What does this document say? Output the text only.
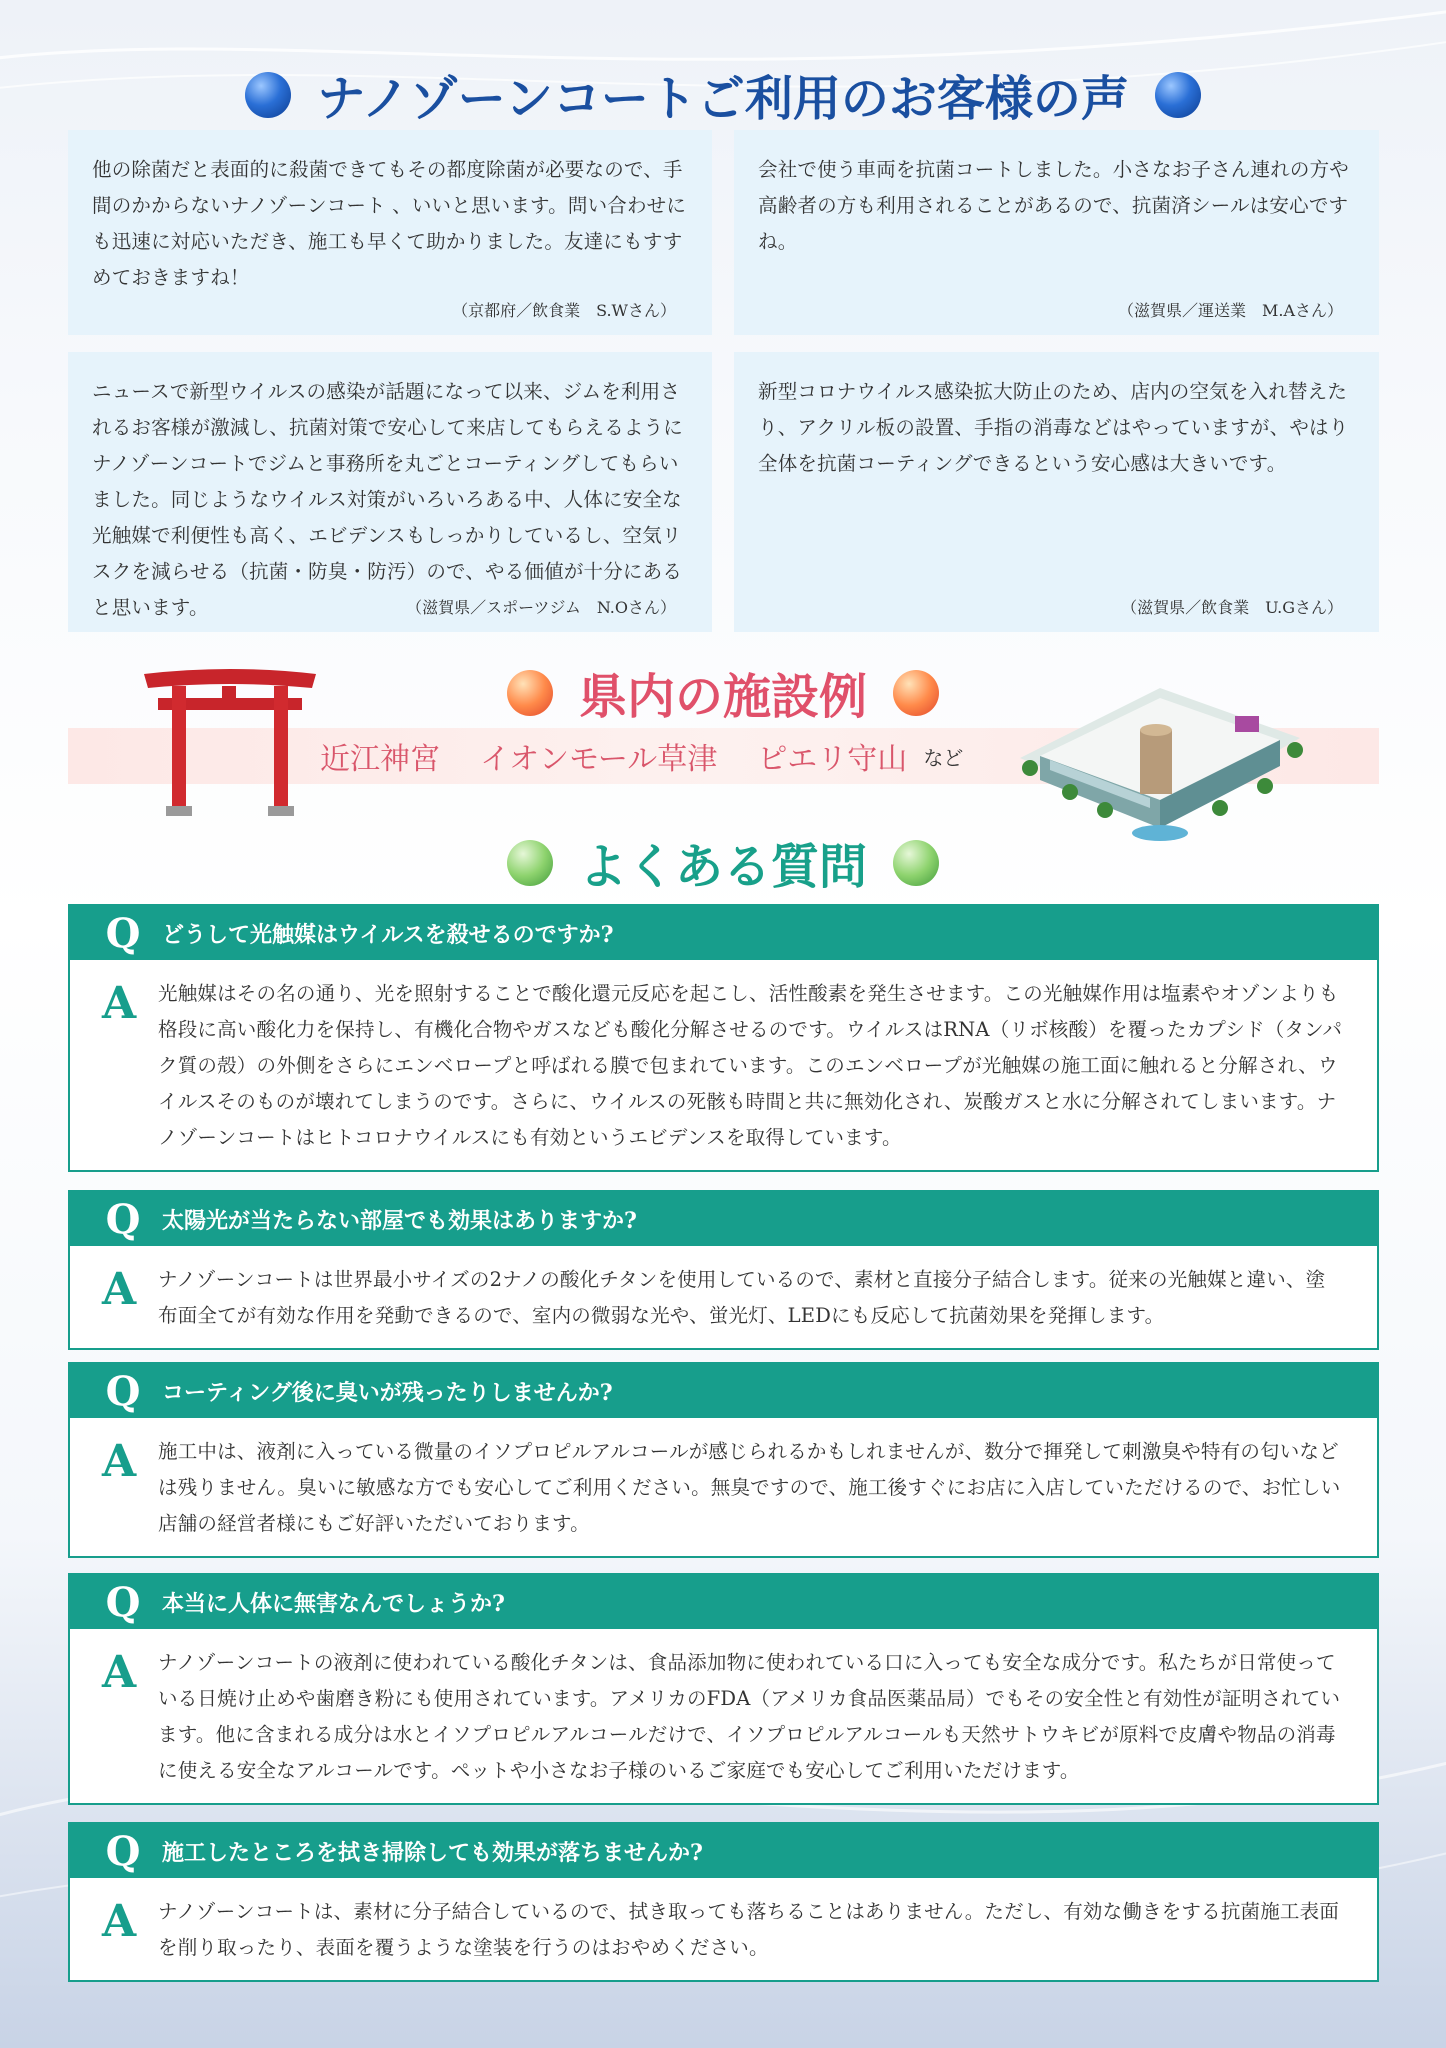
ナノゾーンコートご利用のお客様の声

他の除菌だと表面的に殺菌できてもその都度除菌が必要なので、手間のかからないナノゾーンコート 、いいと思います。問い合わせにも迅速に対応いただき、施工も早くて助かりました。友達にもすすめておきますね！

（京都府／飲食業　S.Wさん）

会社で使う車両を抗菌コートしました。小さなお子さん連れの方や高齢者の方も利用されることがあるので、抗菌済シールは安心ですね。

（滋賀県／運送業　M.Aさん）

ニュースで新型ウイルスの感染が話題になって以来、ジムを利用されるお客様が激減し、抗菌対策で安心して来店してもらえるようにナノゾーンコートでジムと事務所を丸ごとコーティングしてもらいました。同じようなウイルス対策がいろいろある中、人体に安全な光触媒で利便性も高く、エビデンスもしっかりしているし、空気リスクを減らせる（抗菌・防臭・防汚）ので、やる価値が十分にあると思います。	（滋賀県／スポーツジム　N.Oさん）

新型コロナウイルス感染拡大防止のため、店内の空気を入れ替えたり、アクリル板の設置、手指の消毒などはやっていますが、やはり全体を抗菌コーティングできるという安心感は大きいです。

（滋賀県／飲食業　U.Gさん）
県内の施設例
近江神宮 イオンモール草津 ピエリ守山 など
よくある質問
Q どうして光触媒はウイルスを殺せるのですか?
A 光触媒はその名の通り、光を照射することで酸化還元反応を起こし、活性酸素を発生させます。この光触媒作用は塩素やオゾンよりも格段に高い酸化力を保持し、有機化合物やガスなども酸化分解させるのです。ウイルスはRNA（リボ核酸）を覆ったカプシド（タンパク質の殻）の外側をさらにエンベロープと呼ばれる膜で包まれています。このエンベロープが光触媒の施工面に触れると分解され、ウイルスそのものが壊れてしまうのです。さらに、ウイルスの死骸も時間と共に無効化され、炭酸ガスと水に分解されてしまいます。ナノゾーンコートはヒトコロナウイルスにも有効というエビデンスを取得しています。

Q 太陽光が当たらない部屋でも効果はありますか?
A ナノゾーンコートは世界最小サイズの2ナノの酸化チタンを使用しているので、素材と直接分子結合します。従来の光触媒と違い、塗布面全てが有効な作用を発動できるので、室内の微弱な光や、蛍光灯、LEDにも反応して抗菌効果を発揮します。

Q コーティング後に臭いが残ったりしませんか?
A 施工中は、液剤に入っている微量のイソプロピルアルコールが感じられるかもしれませんが、数分で揮発して刺激臭や特有の匂いなどは残りません。臭いに敏感な方でも安心してご利用ください。無臭ですので、施工後すぐにお店に入店していただけるので、お忙しい店舗の経営者様にもご好評いただいております。

Q 本当に人体に無害なんでしょうか?
A ナノゾーンコートの液剤に使われている酸化チタンは、食品添加物に使われている口に入っても安全な成分です。私たちが日常使っている日焼け止めや歯磨き粉にも使用されています。アメリカのFDA（アメリカ食品医薬品局）でもその安全性と有効性が証明されています。他に含まれる成分は水とイソプロピルアルコールだけで、イソプロピルアルコールも天然サトウキビが原料で皮膚や物品の消毒に使える安全なアルコールです。ペットや小さなお子様のいるご家庭でも安心してご利用いただけます。

Q 施工したところを拭き掃除しても効果が落ちませんか?
A ナノゾーンコートは、素材に分子結合しているので、拭き取っても落ちることはありません。ただし、有効な働きをする抗菌施工表面を削り取ったり、表面を覆うような塗装を行うのはおやめください。
